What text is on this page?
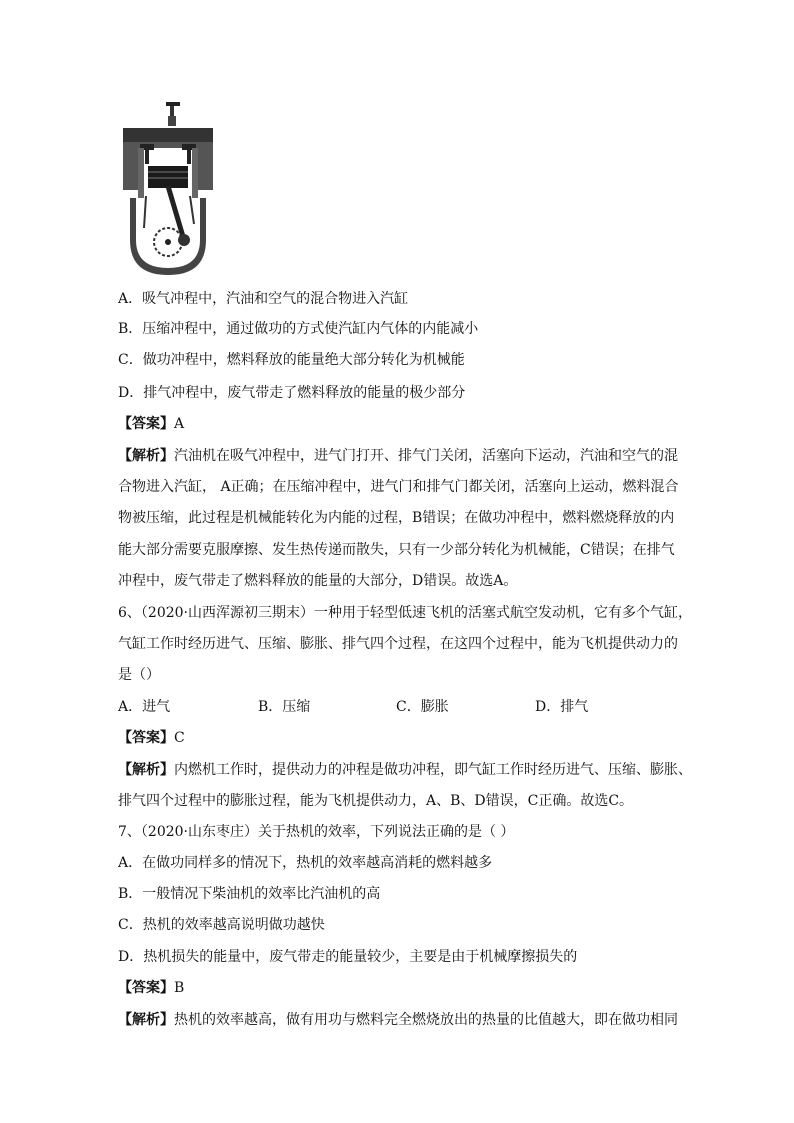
A．吸气冲程中，汽油和空气的混合物进入汽缸
B．压缩冲程中，通过做功的方式使汽缸内气体的内能减小
C．做功冲程中，燃料释放的能量绝大部分转化为机械能
D．排气冲程中，废气带走了燃料释放的能量的极少部分
【答案】A
【解析】汽油机在吸气冲程中，进气门打开、排气门关闭，活塞向下运动，汽油和空气的混
合物进入汽缸， A正确；在压缩冲程中，进气门和排气门都关闭，活塞向上运动，燃料混合
物被压缩，此过程是机械能转化为内能的过程，B错误；在做功冲程中，燃料燃烧释放的内
能大部分需要克服摩擦、发生热传递而散失，只有一少部分转化为机械能，C错误；在排气
冲程中，废气带走了燃料释放的能量的大部分，D错误。故选A。
6、（2020·山西浑源初三期末）一种用于轻型低速飞机的活塞式航空发动机，它有多个气缸，
气缸工作时经历进气、压缩、膨胀、排气四个过程，在这四个过程中，能为飞机提供动力的
是（）
A．进气	B．压缩	C．膨胀	D．排气
【答案】C
【解析】内燃机工作时，提供动力的冲程是做功冲程，即气缸工作时经历进气、压缩、膨胀、
排气四个过程中的膨胀过程，能为飞机提供动力，A、B、D错误，C正确。故选C。
7、（2020·山东枣庄）关于热机的效率，下列说法正确的是（ ）
A．在做功同样多的情况下，热机的效率越高消耗的燃料越多
B．一般情况下柴油机的效率比汽油机的高
C．热机的效率越高说明做功越快
D．热机损失的能量中，废气带走的能量较少，主要是由于机械摩擦损失的
【答案】B
【解析】热机的效率越高，做有用功与燃料完全燃烧放出的热量的比值越大，即在做功相同
